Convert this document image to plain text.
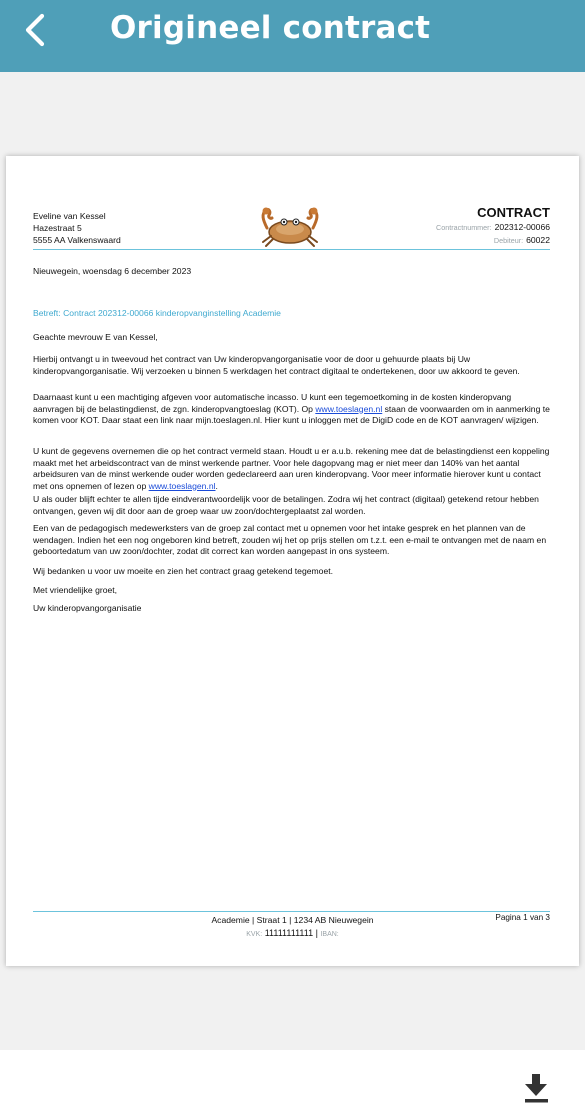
Origineel contract
Eveline van Kessel
Hazestraat 5
5555 AA Valkenswaard
CONTRACT
Contractnummer: 202312-00066
Debiteur: 60022
Nieuwegein, woensdag 6 december 2023
Betreft: Contract 202312-00066 kinderopvanginstelling Academie
Geachte mevrouw E van Kessel,
Hierbij ontvangt u in tweevoud het contract van Uw kinderopvangorganisatie voor de door u gehuurde plaats bij Uw kinderopvangorganisatie. Wij verzoeken u binnen 5 werkdagen het contract digitaal te ondertekenen, door uw akkoord te geven.
Daarnaast kunt u een machtiging afgeven voor automatische incasso. U kunt een tegemoetkoming in de kosten kinderopvang aanvragen bij de belastingdienst, de zgn. kinderopvangtoeslag (KOT). Op www.toeslagen.nl staan de voorwaarden om in aanmerking te komen voor KOT. Daar staat een link naar mijn.toeslagen.nl. Hier kunt u inloggen met de DigiD code en de KOT aanvragen/ wijzigen.
U kunt de gegevens overnemen die op het contract vermeld staan. Houdt u er a.u.b. rekening mee dat de belastingdienst een koppeling maakt met het arbeidscontract van de minst werkende partner. Voor hele dagopvang mag er niet meer dan 140% van het aantal arbeidsuren van de minst werkende ouder worden gedeclareerd aan uren kinderopvang. Voor meer informatie hierover kunt u contact met ons opnemen of lezen op www.toeslagen.nl.
U als ouder blijft echter te allen tijde eindverantwoordelijk voor de betalingen. Zodra wij het contract (digitaal) getekend retour hebben ontvangen, geven wij dit door aan de groep waar uw zoon/dochtergeplaatst zal worden.
Een van de pedagogisch medewerksters van de groep zal contact met u opnemen voor het intake gesprek en het plannen van de wendagen. Indien het een nog ongeboren kind betreft, zouden wij het op prijs stellen om t.z.t. een e-mail te ontvangen met de naam en geboortedatum van uw zoon/dochter, zodat dit correct kan worden aangepast in ons systeem.
Wij bedanken u voor uw moeite en zien het contract graag getekend tegemoet.
Met vriendelijke groet,
Uw kinderopvangorganisatie
Academie | Straat 1 | 1234 AB Nieuwegein
KVK: 11111111111 | IBAN:
Pagina 1 van 3
